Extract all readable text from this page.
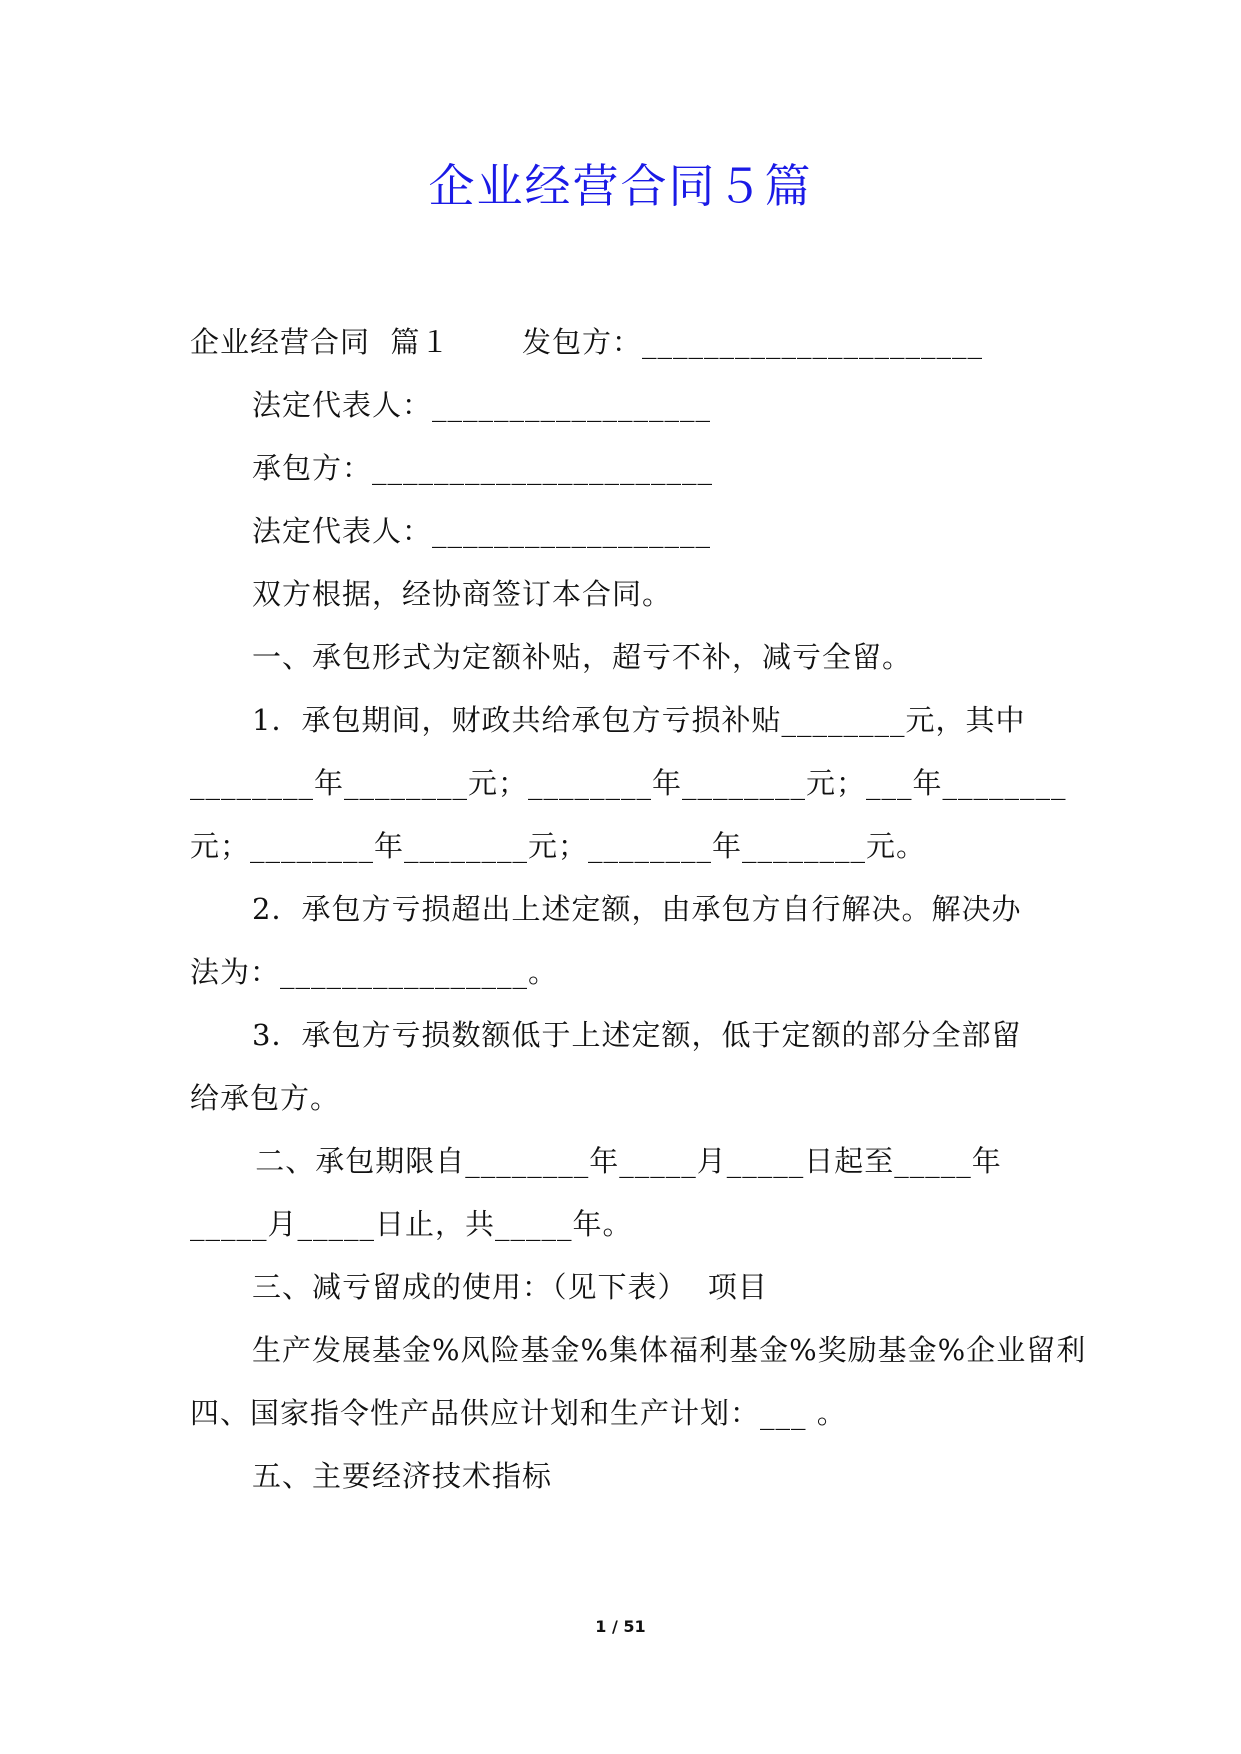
企业经营合同５篇
企业经营合同  篇１       发包方：______________________
法定代表人：__________________
承包方：______________________
法定代表人：__________________
双方根据，经协商签订本合同。
一、承包形式为定额补贴，超亏不补，减亏全留。
1．承包期间，财政共给承包方亏损补贴________元，其中
________年________元；________年________元；___年________
元；________年________元；________年________元。
2．承包方亏损超出上述定额，由承包方自行解决。解决办
法为：________________。
3．承包方亏损数额低于上述定额，低于定额的部分全部留
给承包方。
二、承包期限自________年_____月_____日起至_____年
_____月_____日止，共_____年。
三、减亏留成的使用：（见下表）  项目
生产发展基金%风险基金%集体福利基金%奖励基金%企业留利
四、国家指令性产品供应计划和生产计划：___ 。
五、主要经济技术指标
1 / 51
